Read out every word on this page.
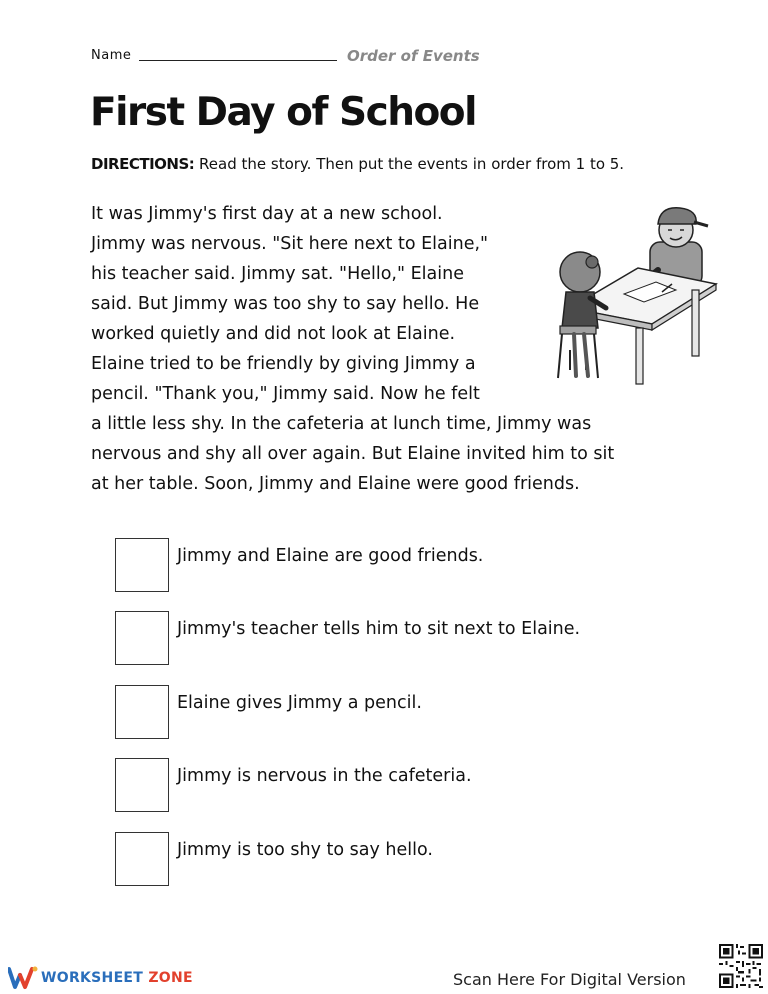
Name	Order of Events
First Day of School
DIRECTIONS: Read the story. Then put the events in order from 1 to 5.
It was Jimmy's first day at a new school.
Jimmy was nervous. "Sit here next to Elaine,"
his teacher said. Jimmy sat. "Hello," Elaine
said. But Jimmy was too shy to say hello. He
worked quietly and did not look at Elaine.
Elaine tried to be friendly by giving Jimmy a
pencil. "Thank you," Jimmy said. Now he felt
a little less shy. In the cafeteria at lunch time, Jimmy was
nervous and shy all over again. But Elaine invited him to sit
at her table. Soon, Jimmy and Elaine were good friends.
Jimmy and Elaine are good friends.
Jimmy's teacher tells him to sit next to Elaine.
Elaine gives Jimmy a pencil.
Jimmy is nervous in the cafeteria.
Jimmy is too shy to say hello.
WORKSHEET ZONE	Scan Here For Digital Version
